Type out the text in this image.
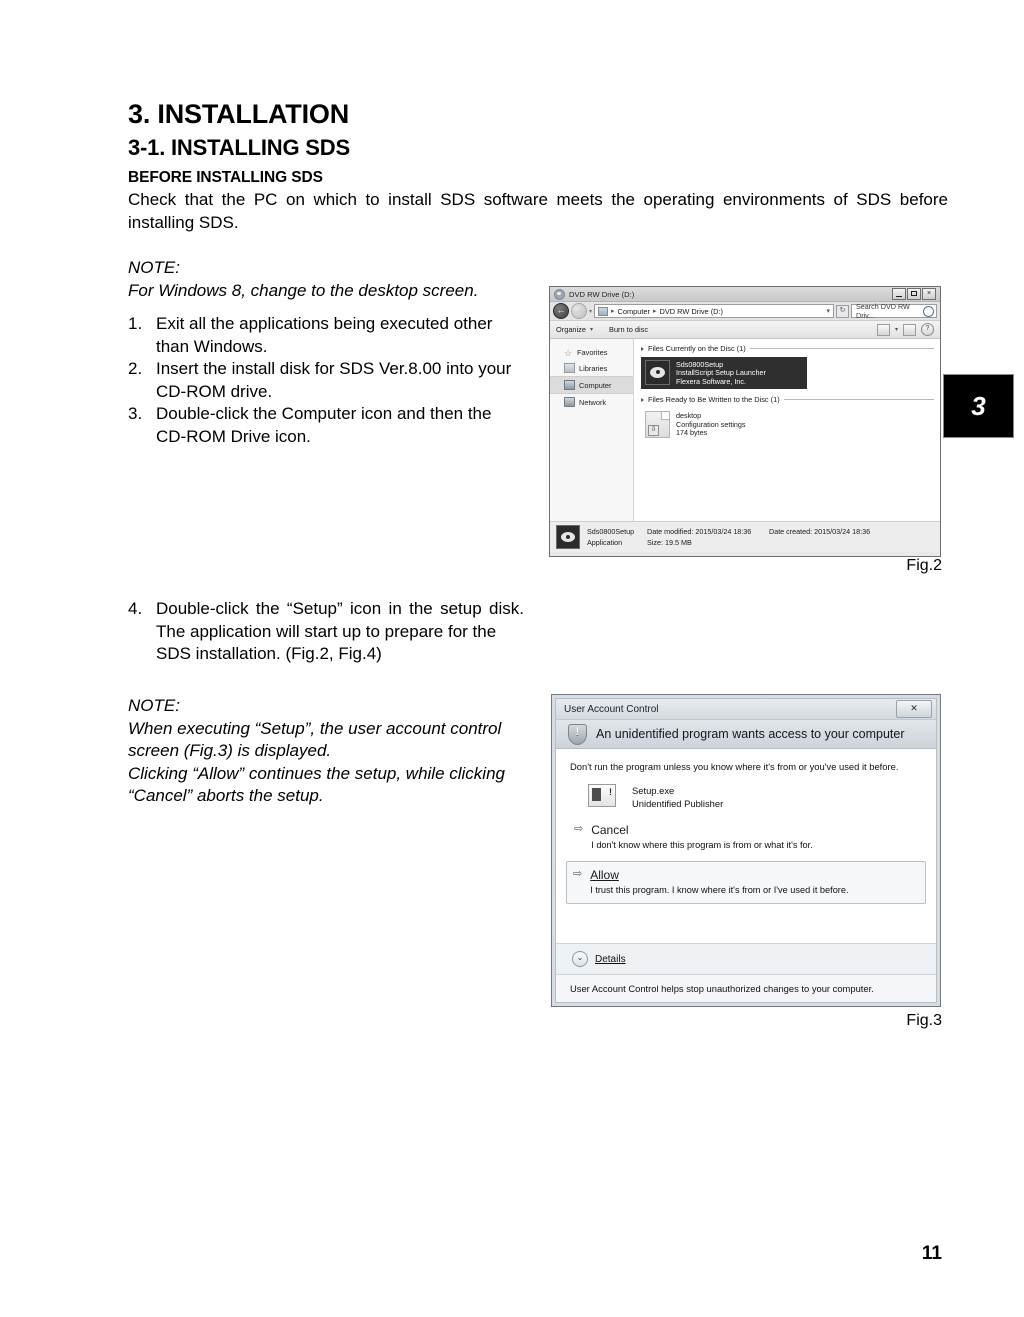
3. INSTALLATION
3-1. INSTALLING SDS
BEFORE INSTALLING SDS
Check that the PC on which to install SDS software meets the operating environments of SDS before installing SDS.
NOTE:
For Windows 8, change to the desktop screen.
1. Exit all the applications being executed other
than Windows.
2. Insert the install disk for SDS Ver.8.00 into your
CD-ROM drive.
3. Double-click the Computer icon and then the
CD-ROM Drive icon.
4. Double-click the “Setup” icon in the setup disk. The application will start up to prepare for the
SDS installation. (Fig.2, Fig.4)
NOTE:
When executing “Setup”, the user account control
screen (Fig.3) is displayed.
Clicking “Allow” continues the setup, while clicking
“Cancel” aborts the setup.
3
DVD RW Drive (D:)	×
← → ▾	▸ Computer ▸ DVD RW Drive (D:)	▾	↻	Search DVD RW Driv...
Organize ▾ Burn to disc	▾	?
☆ Favorites
Libraries
Computer
Network
Files Currently on the Disc (1)
Sds0800Setup
InstallScript Setup Launcher
Flexera Software, Inc.
Files Ready to Be Written to the Disc (1)
⇩
desktop
Configuration settings
174 bytes
Sds0800Setup	Date modified: 2015/03/24 18:36	Date created: 2015/03/24 18:36
Application	Size: 19.5 MB
Fig.2
User Account Control	✕
!
An unidentified program wants access to your computer
Don't run the program unless you know where it's from or you've used it before.
! Setup.exe
Unidentified Publisher
⇨ Cancel
I don't know where this program is from or what it's for.
⇨ Allow
I trust this program. I know where it's from or I've used it before.
⌄	Details
User Account Control helps stop unauthorized changes to your computer.
Fig.3
11
